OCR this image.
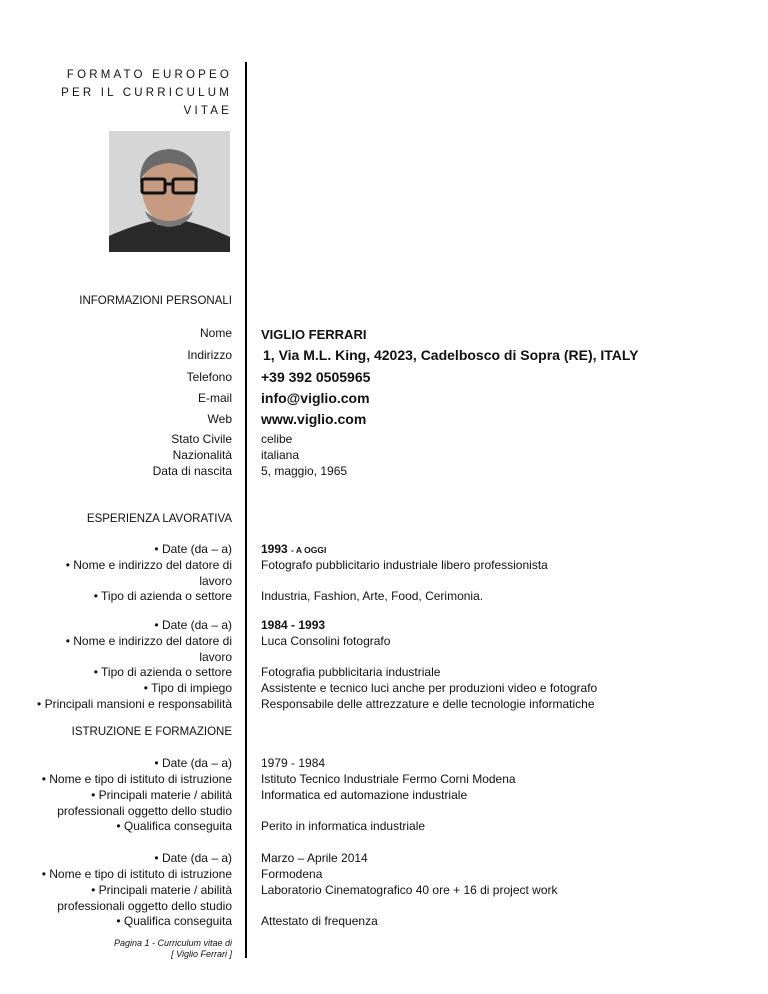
FORMATO EUROPEO
PER IL CURRICULUM
VITAE
INFORMAZIONI PERSONALI
Nome VIGLIO FERRARI
Indirizzo 1, Via M.L. King, 42023, Cadelbosco di Sopra (RE), ITALY
Telefono +39 392 0505965
E-mail info@viglio.com
Web www.viglio.com
Stato Civile celibe
Nazionalità italiana
Data di nascita 5, maggio, 1965
ESPERIENZA LAVORATIVA
• Date (da – a) 1993 - A OGGI
• Nome e indirizzo del datore di lavoro
Fotografo pubblicitario industriale libero professionista
• Tipo di azienda o settore Industria, Fashion, Arte, Food, Cerimonia.
• Date (da – a) 1984 - 1993
• Nome e indirizzo del datore di lavoro
Luca Consolini fotografo
• Tipo di azienda o settore Fotografia pubblicitaria industriale
• Tipo di impiego Assistente e tecnico luci anche per produzioni video e fotografo
• Principali mansioni e responsabilità Responsabile delle attrezzature e delle tecnologie informatiche
ISTRUZIONE E FORMAZIONE
• Date (da – a) 1979 - 1984
• Nome e tipo di istituto di istruzione Istituto Tecnico Industriale Fermo Corni Modena
• Principali materie / abilità professionali oggetto dello studio
Informatica ed automazione industriale
• Qualifica conseguita Perito in informatica industriale
• Date (da – a) Marzo – Aprile 2014
• Nome e tipo di istituto di istruzione Formodena
• Principali materie / abilità professionali oggetto dello studio
Laboratorio Cinematografico 40 ore + 16 di project work
• Qualifica conseguita Attestato di frequenza
Pagina 1 - Curriculum vitae di
[ Viglio Ferrari ]
